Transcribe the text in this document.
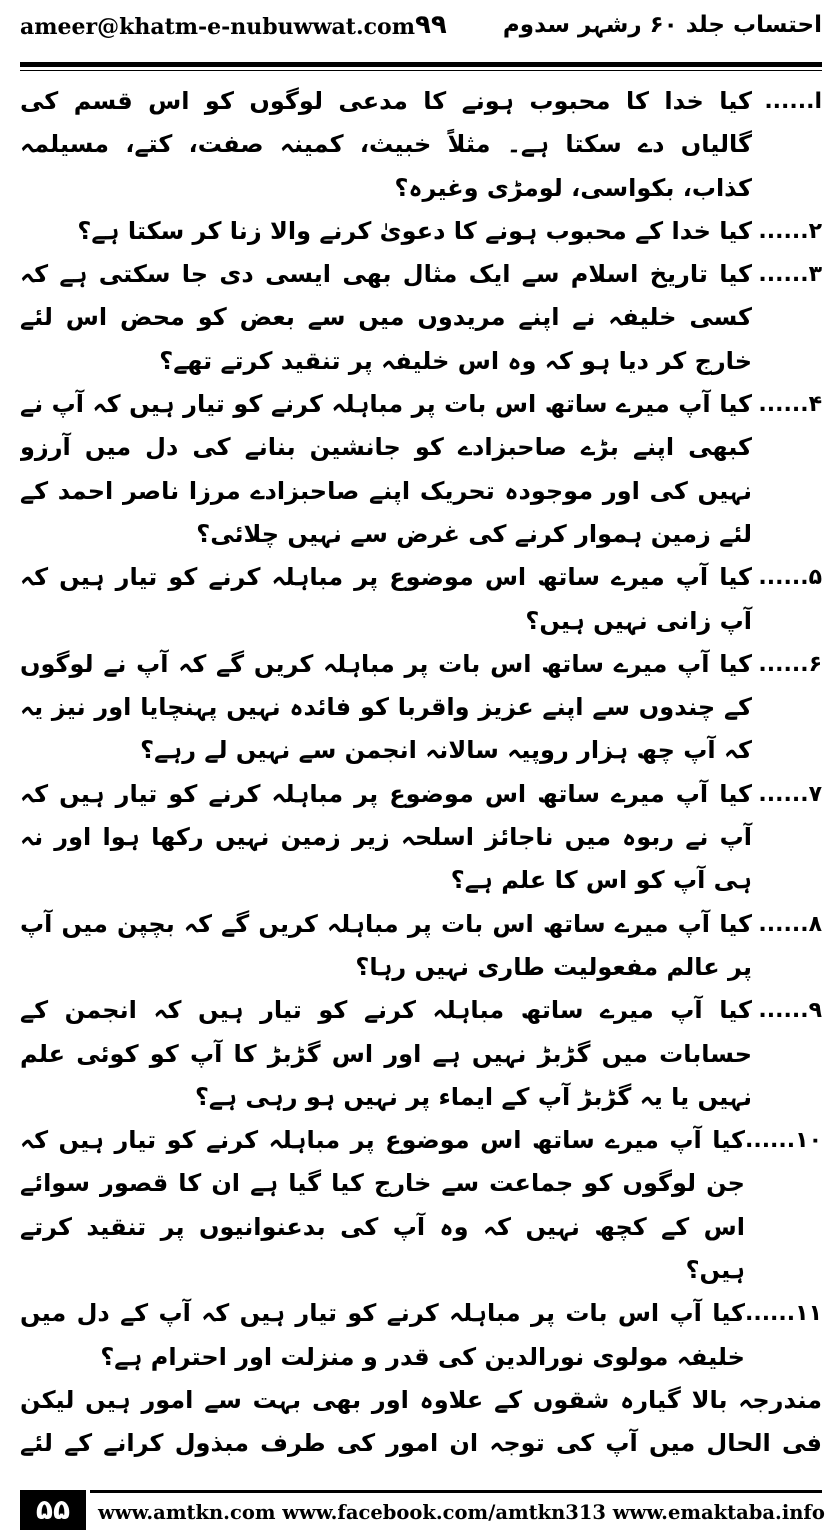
ameer@khatm-e-nubuwwat.com ۹۹ احتساب جلد ۶۰ رشہر سدوم
ا......
کیا خدا کا محبوب ہونے کا مدعی لوگوں کو اس قسم کی گالیاں دے سکتا ہے۔ مثلاً خبیث، کمینہ صفت، کتے، مسیلمہ کذاب، بکواسی، لومڑی وغیرہ؟
۲......
کیا خدا کے محبوب ہونے کا دعویٰ کرنے والا زنا کر سکتا ہے؟
۳......
کیا تاریخ اسلام سے ایک مثال بھی ایسی دی جا سکتی ہے کہ کسی خلیفہ نے اپنے مریدوں میں سے بعض کو محض اس لئے خارج کر دیا ہو کہ وہ اس خلیفہ پر تنقید کرتے تھے؟
۴......
کیا آپ میرے ساتھ اس بات پر مباہلہ کرنے کو تیار ہیں کہ آپ نے کبھی اپنے بڑے صاحبزادے کو جانشین بنانے کی دل میں آرزو نہیں کی اور موجودہ تحریک اپنے صاحبزادے مرزا ناصر احمد کے لئے زمین ہموار کرنے کی غرض سے نہیں چلائی؟
۵......
کیا آپ میرے ساتھ اس موضوع پر مباہلہ کرنے کو تیار ہیں کہ آپ زانی نہیں ہیں؟
۶......
کیا آپ میرے ساتھ اس بات پر مباہلہ کریں گے کہ آپ نے لوگوں کے چندوں سے اپنے عزیز واقربا کو فائدہ نہیں پہنچایا اور نیز یہ کہ آپ چھ ہزار روپیہ سالانہ انجمن سے نہیں لے رہے؟
۷......
کیا آپ میرے ساتھ اس موضوع پر مباہلہ کرنے کو تیار ہیں کہ آپ نے ربوہ میں ناجائز اسلحہ زیر زمین نہیں رکھا ہوا اور نہ ہی آپ کو اس کا علم ہے؟
۸......
کیا آپ میرے ساتھ اس بات پر مباہلہ کریں گے کہ بچپن میں آپ پر عالم مفعولیت طاری نہیں رہا؟
۹......
کیا آپ میرے ساتھ مباہلہ کرنے کو تیار ہیں کہ انجمن کے حسابات میں گڑبڑ نہیں ہے اور اس گڑبڑ کا آپ کو کوئی علم نہیں یا یہ گڑبڑ آپ کے ایماء پر نہیں ہو رہی ہے؟
۱۰......
کیا آپ میرے ساتھ اس موضوع پر مباہلہ کرنے کو تیار ہیں کہ جن لوگوں کو جماعت سے خارج کیا گیا ہے ان کا قصور سوائے اس کے کچھ نہیں کہ وہ آپ کی بدعنوانیوں پر تنقید کرتے ہیں؟
۱۱......
کیا آپ اس بات پر مباہلہ کرنے کو تیار ہیں کہ آپ کے دل میں خلیفہ مولوی نورالدین کی قدر و منزلت اور احترام ہے؟
مندرجہ بالا گیارہ شقوں کے علاوہ اور بھی بہت سے امور ہیں لیکن فی الحال میں آپ کی توجہ ان امور کی طرف مبذول کرانے کے لئے
۵۵	www.amtkn.com www.facebook.com/amtkn313 www.emaktaba.info
